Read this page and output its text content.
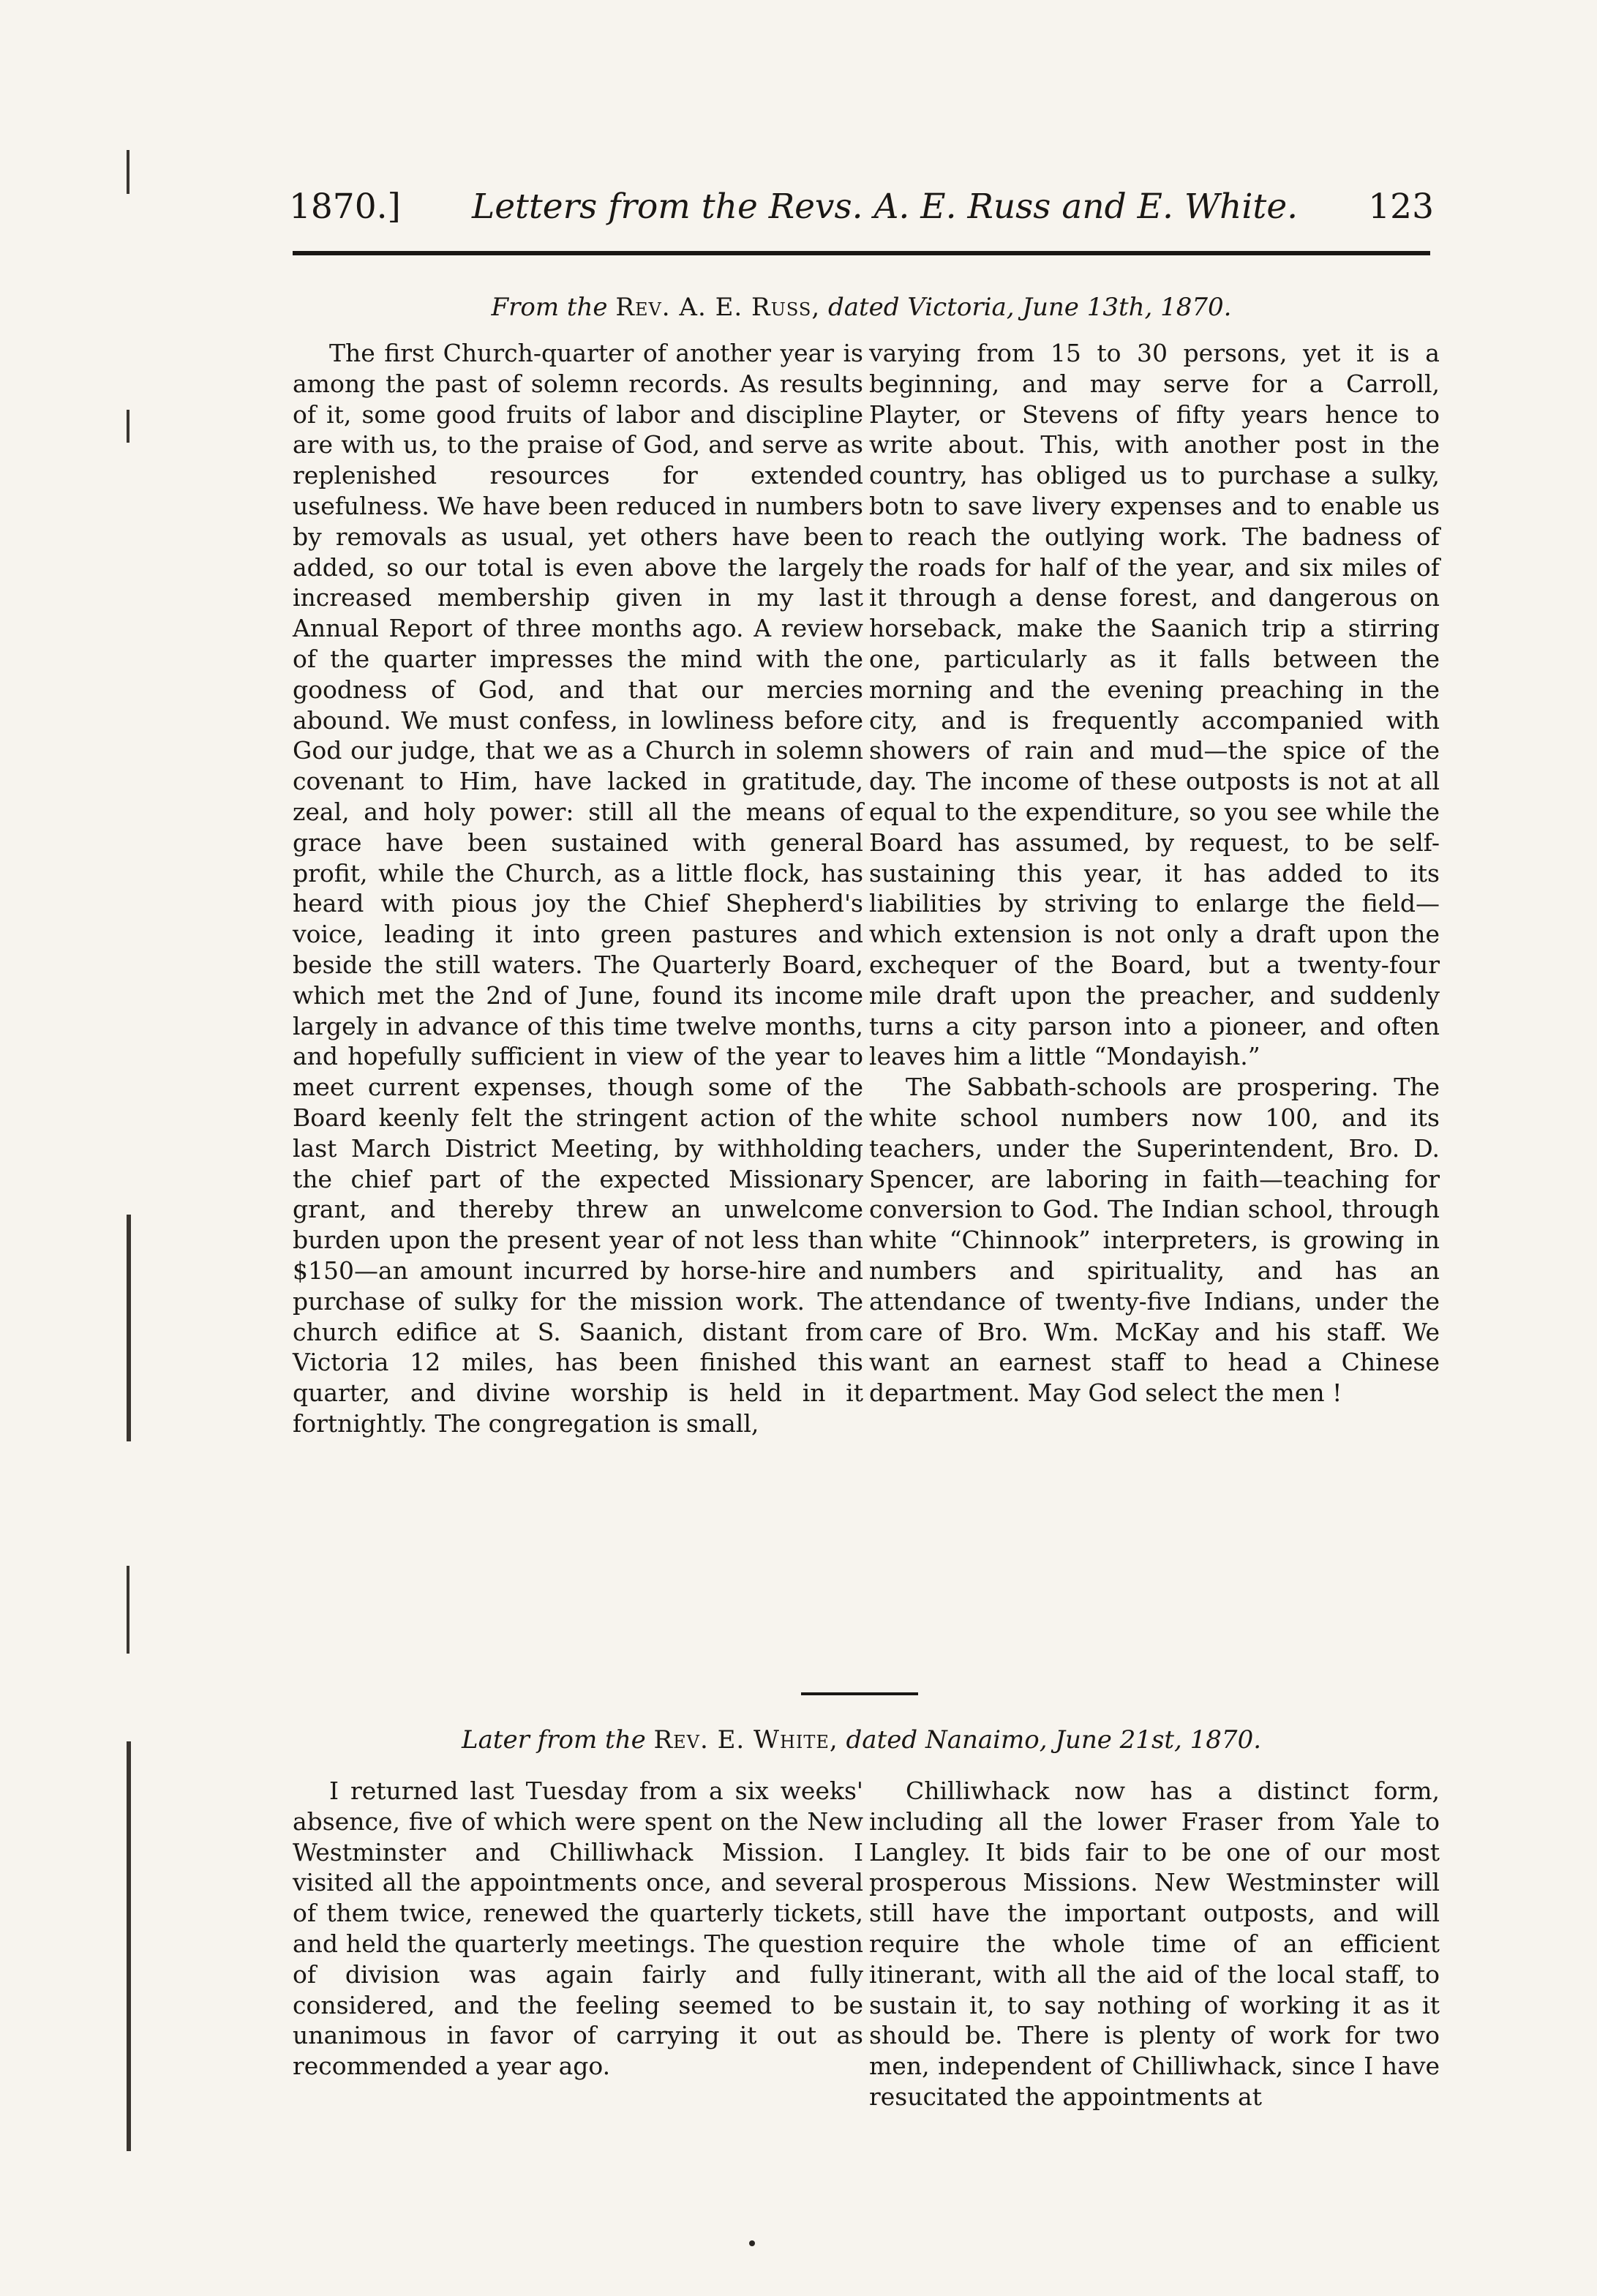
1870.] Letters from the Revs. A. E. Russ and E. White. 123
From the Rev. A. E. Russ, dated Victoria, June 13th, 1870.

The first Church-quarter of another year is among the past of solemn records. As results of it, some good fruits of labor and discipline are with us, to the praise of God, and serve as replenished resources for extended usefulness. We have been reduced in numbers by removals as usual, yet others have been added, so our total is even above the largely increased membership given in my last Annual Report of three months ago. A review of the quarter impresses the mind with the goodness of God, and that our mercies abound. We must confess, in lowliness before God our judge, that we as a Church in solemn covenant to Him, have lacked in gratitude, zeal, and holy power: still all the means of grace have been sustained with general profit, while the Church, as a little flock, has heard with pious joy the Chief Shepherd's voice, leading it into green pastures and beside the still waters. The Quarterly Board, which met the 2nd of June, found its income largely in advance of this time twelve months, and hopefully sufficient in view of the year to meet current expenses, though some of the Board keenly felt the stringent action of the last March District Meeting, by withholding the chief part of the expected Missionary grant, and thereby threw an unwelcome burden upon the present year of not less than $150—an amount incurred by horse-hire and purchase of sulky for the mission work. The church edifice at S. Saanich, distant from Victoria 12 miles, has been finished this quarter, and divine worship is held in it fortnightly. The congregation is small,

varying from 15 to 30 persons, yet it is a beginning, and may serve for a Carroll, Playter, or Stevens of fifty years hence to write about. This, with another post in the country, has obliged us to purchase a sulky, botn to save livery expenses and to enable us to reach the outlying work. The badness of the roads for half of the year, and six miles of it through a dense forest, and dangerous on horseback, make the Saanich trip a stirring one, particularly as it falls between the morning and the evening preaching in the city, and is frequently accompanied with showers of rain and mud—the spice of the day. The income of these outposts is not at all equal to the expenditure, so you see while the Board has assumed, by request, to be self-sustaining this year, it has added to its liabilities by striving to enlarge the field—which extension is not only a draft upon the exchequer of the Board, but a twenty-four mile draft upon the preacher, and suddenly turns a city parson into a pioneer, and often leaves him a little “Mondayish.”

The Sabbath-schools are prospering. The white school numbers now 100, and its teachers, under the Superintendent, Bro. D. Spencer, are laboring in faith—teaching for conversion to God. The Indian school, through white “Chinnook” interpreters, is growing in numbers and spirituality, and has an attendance of twenty-five Indians, under the care of Bro. Wm. McKay and his staff. We want an earnest staff to head a Chinese department. May God select the men !

Later from the Rev. E. White, dated Nanaimo, June 21st, 1870.

I returned last Tuesday from a six weeks' absence, five of which were spent on the New Westminster and Chilliwhack Mission. I visited all the appointments once, and several of them twice, renewed the quarterly tickets, and held the quarterly meetings. The question of division was again fairly and fully considered, and the feeling seemed to be unanimous in favor of carrying it out as recommended a year ago.

Chilliwhack now has a distinct form, including all the lower Fraser from Yale to Langley. It bids fair to be one of our most prosperous Missions. New Westminster will still have the important outposts, and will require the whole time of an efficient itinerant, with all the aid of the local staff, to sustain it, to say nothing of working it as it should be. There is plenty of work for two men, independent of Chilliwhack, since I have resucitated the appointments at
